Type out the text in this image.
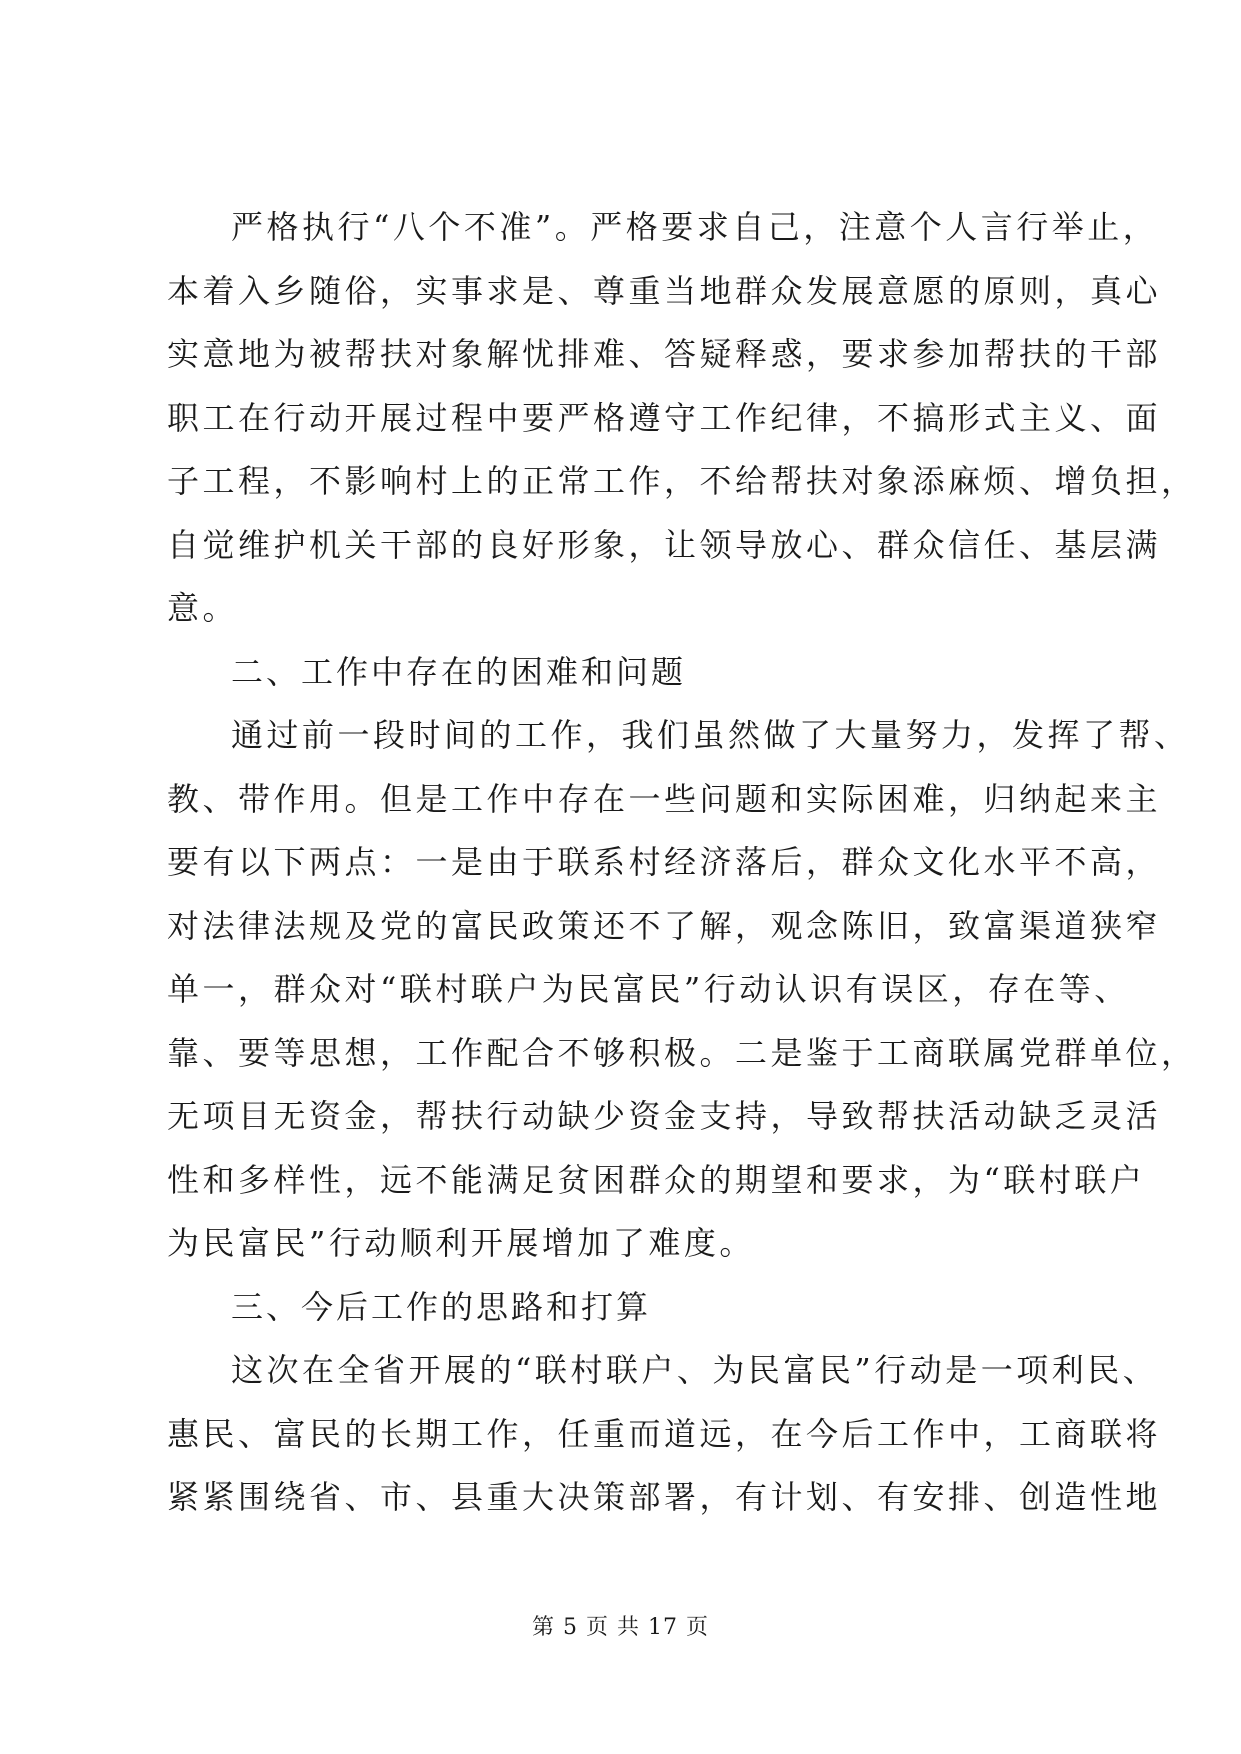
严格执行“八个不准”。严格要求自己，注意个人言行举止，
本着入乡随俗，实事求是、尊重当地群众发展意愿的原则，真心
实意地为被帮扶对象解忧排难、答疑释惑，要求参加帮扶的干部
职工在行动开展过程中要严格遵守工作纪律，不搞形式主义、面
子工程，不影响村上的正常工作，不给帮扶对象添麻烦、增负担，
自觉维护机关干部的良好形象，让领导放心、群众信任、基层满
意。
二、工作中存在的困难和问题
通过前一段时间的工作，我们虽然做了大量努力，发挥了帮、
教、带作用。但是工作中存在一些问题和实际困难，归纳起来主
要有以下两点：一是由于联系村经济落后，群众文化水平不高，
对法律法规及党的富民政策还不了解，观念陈旧，致富渠道狭窄
单一，群众对“联村联户为民富民”行动认识有误区，存在等、
靠、要等思想，工作配合不够积极。二是鉴于工商联属党群单位，
无项目无资金，帮扶行动缺少资金支持，导致帮扶活动缺乏灵活
性和多样性，远不能满足贫困群众的期望和要求，为“联村联户
为民富民”行动顺利开展增加了难度。
三、今后工作的思路和打算
这次在全省开展的“联村联户、为民富民”行动是一项利民、
惠民、富民的长期工作，任重而道远，在今后工作中，工商联将
紧紧围绕省、市、县重大决策部署，有计划、有安排、创造性地
第 5 页 共 17 页
